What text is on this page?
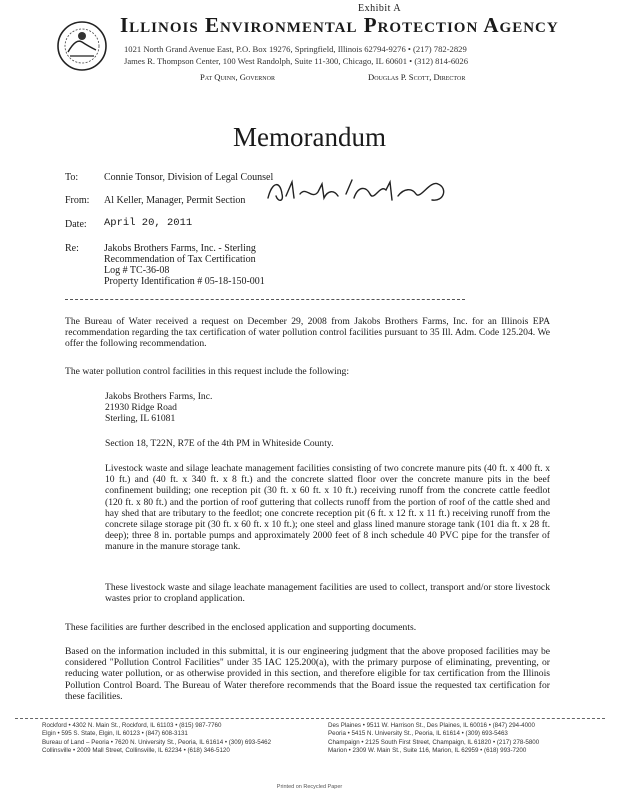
Exhibit A
Illinois Environmental Protection Agency
1021 North Grand Avenue East, P.O. Box 19276, Springfield, Illinois 62794-9276 • (217) 782-2829
James R. Thompson Center, 100 West Randolph, Suite 11-300, Chicago, IL 60601 • (312) 814-6026
Pat Quinn, Governor	Douglas P. Scott, Director
Memorandum
To:	Connie Tonsor, Division of Legal Counsel
From: Al Keller, Manager, Permit Section
Date: April 20, 2011
Re:	Jakobs Brothers Farms, Inc. - Sterling
Recommendation of Tax Certification
Log # TC-36-08
Property Identification # 05-18-150-001
The Bureau of Water received a request on December 29, 2008 from Jakobs Brothers Farms, Inc. for an Illinois EPA recommendation regarding the tax certification of water pollution control facilities pursuant to 35 Ill. Adm. Code 125.204. We offer the following recommendation.
The water pollution control facilities in this request include the following:
Jakobs Brothers Farms, Inc.
21930 Ridge Road
Sterling, IL 61081
Section 18, T22N, R7E of the 4th PM in Whiteside County.
Livestock waste and silage leachate management facilities consisting of two concrete manure pits (40 ft. x 400 ft. x 10 ft.) and (40 ft. x 340 ft. x 8 ft.) and the concrete slatted floor over the concrete manure pits in the beef confinement building; one reception pit (30 ft. x 60 ft. x 10 ft.) receiving runoff from the concrete cattle feedlot (120 ft. x 80 ft.) and the portion of roof guttering that collects runoff from the portion of roof of the cattle shed and hay shed that are tributary to the feedlot; one concrete reception pit (6 ft. x 12 ft. x 11 ft.) receiving runoff from the concrete silage storage pit (30 ft. x 60 ft. x 10 ft.); one steel and glass lined manure storage tank (101 dia ft. x 28 ft. deep); three 8 in. portable pumps and approximately 2000 feet of 8 inch schedule 40 PVC pipe for the transfer of manure in the manure storage tank.
These livestock waste and silage leachate management facilities are used to collect, transport and/or store livestock wastes prior to cropland application.
These facilities are further described in the enclosed application and supporting documents.
Based on the information included in this submittal, it is our engineering judgment that the above proposed facilities may be considered "Pollution Control Facilities" under 35 IAC 125.200(a), with the primary purpose of eliminating, preventing, or reducing water pollution, or as otherwise provided in this section, and therefore eligible for tax certification from the Illinois Pollution Control Board. The Bureau of Water therefore recommends that the Board issue the requested tax certification for these facilities.
Rockford • 4302 N. Main St., Rockford, IL 61103 • (815) 987-7760
Elgin • 595 S. State, Elgin, IL 60123 • (847) 608-3131
Bureau of Land – Peoria • 7620 N. University St., Peoria, IL 61614 • (309) 693-5462
Collinsville • 2009 Mall Street, Collinsville, IL 62234 • (618) 346-5120
Des Plaines • 9511 W. Harrison St., Des Plaines, IL 60016 • (847) 294-4000
Peoria • 5415 N. University St., Peoria, IL 61614 • (309) 693-5463
Champaign • 2125 South First Street, Champaign, IL 61820 • (217) 278-5800
Marion • 2309 W. Main St., Suite 116, Marion, IL 62959 • (618) 993-7200
Printed on Recycled Paper
